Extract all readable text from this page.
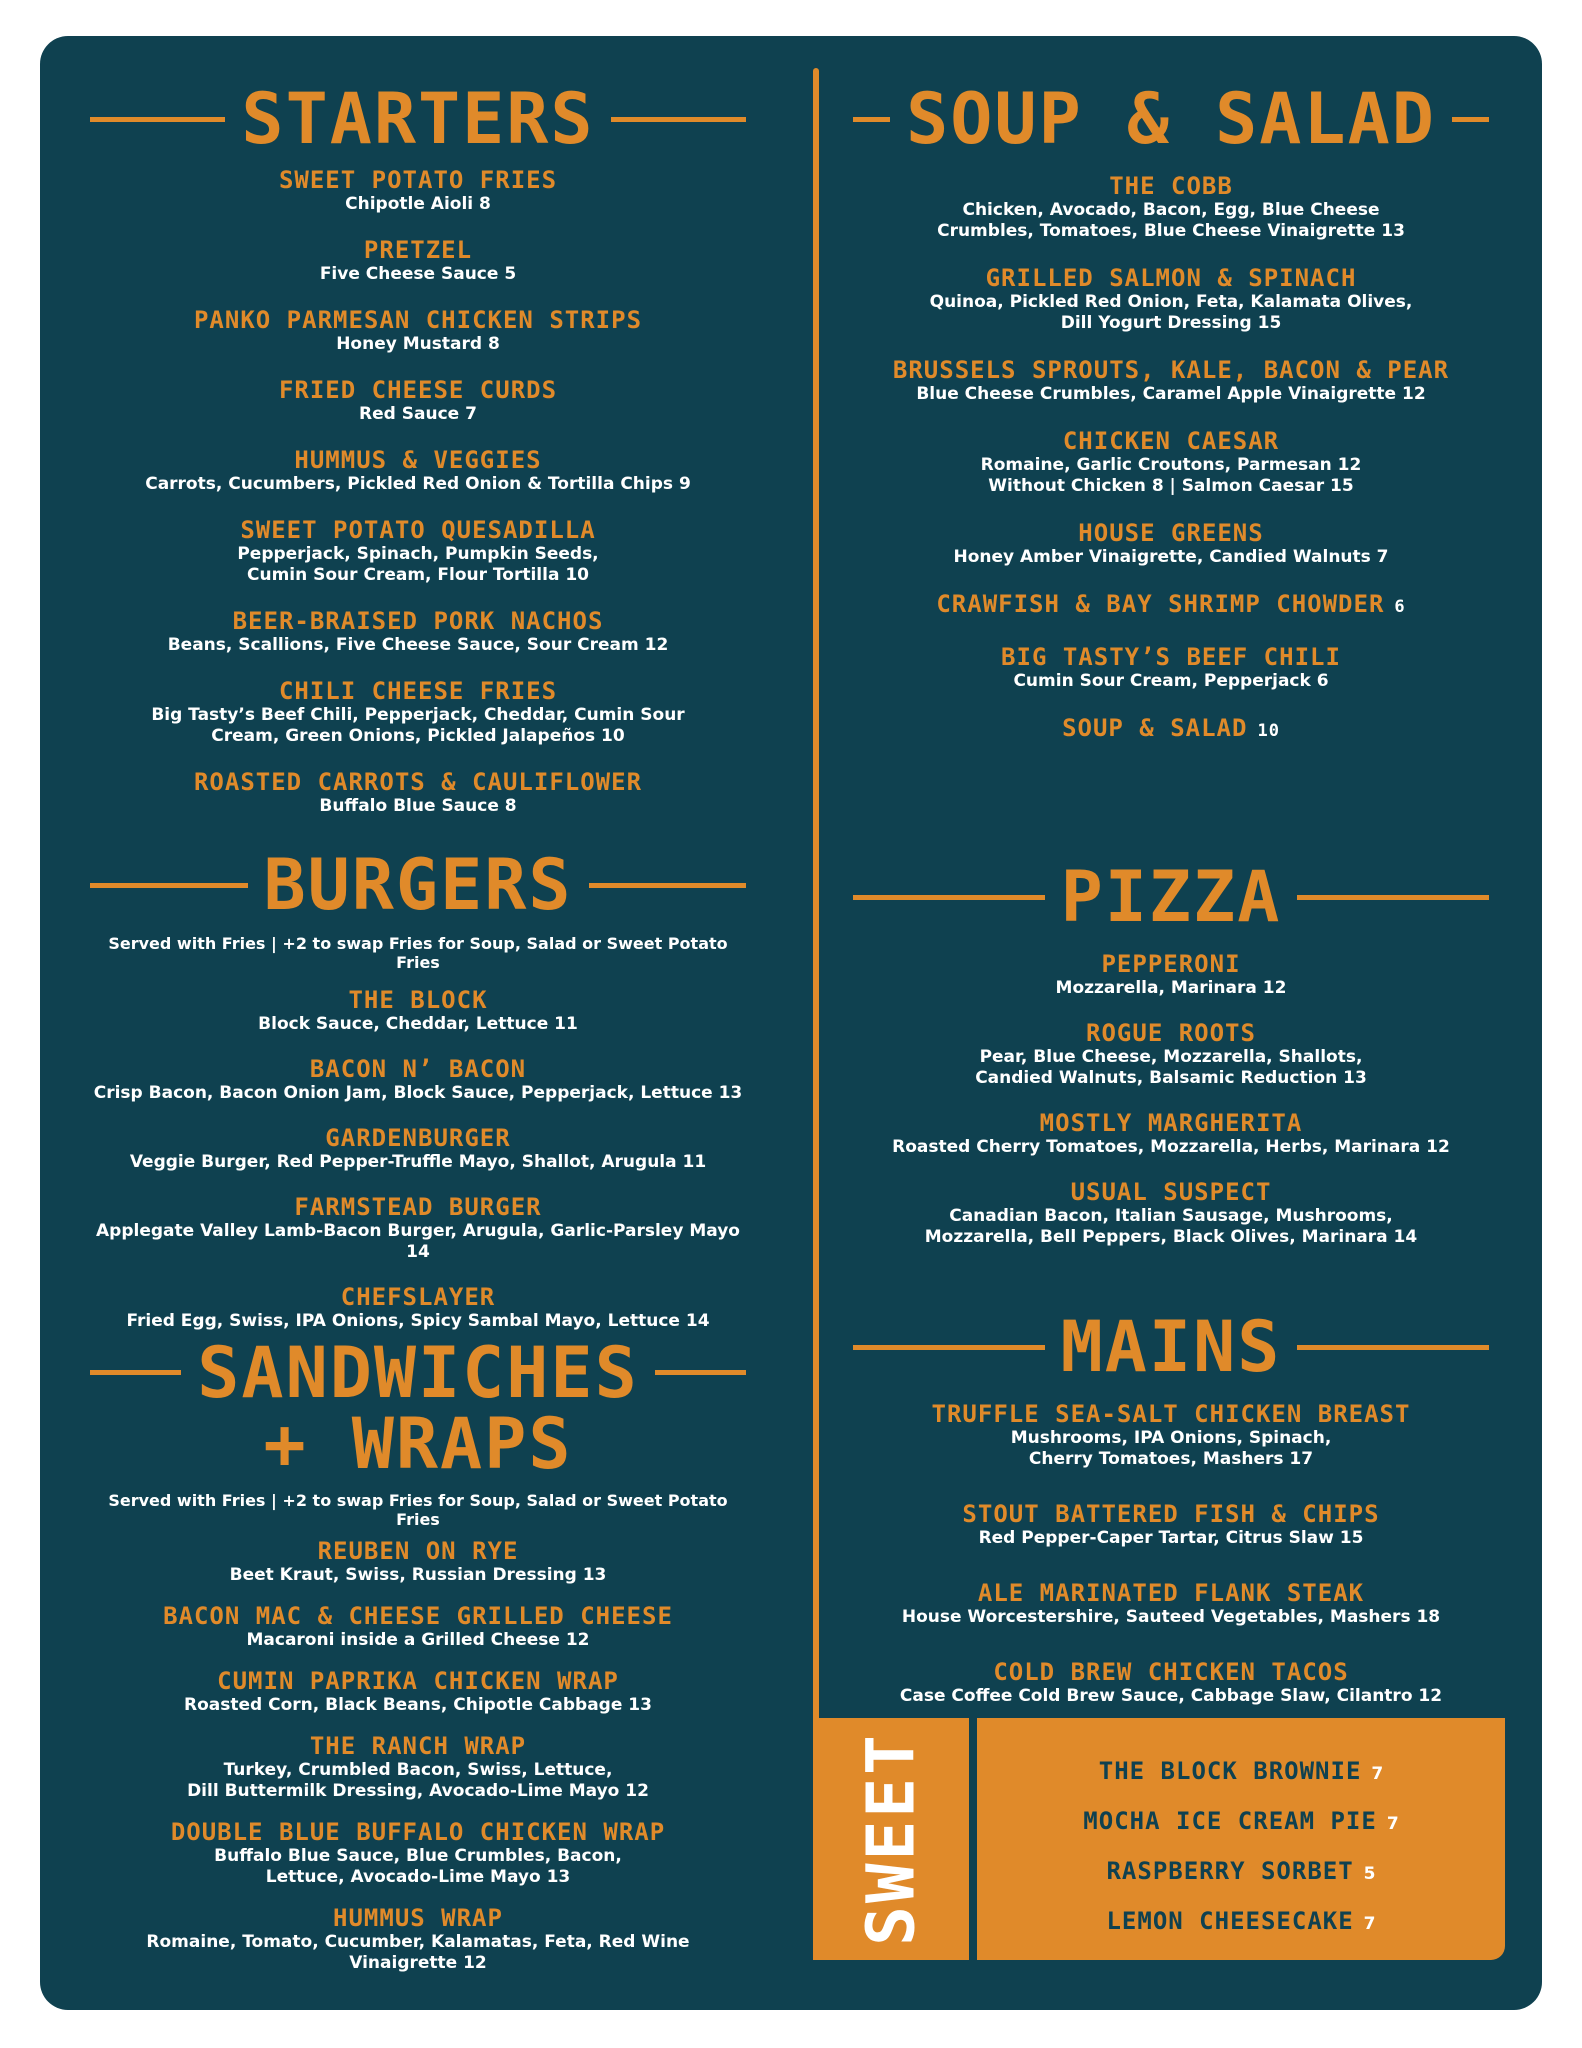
STARTERS
SWEET POTATO FRIES
Chipotle Aioli 8
PRETZEL
Five Cheese Sauce 5
PANKO PARMESAN CHICKEN STRIPS
Honey Mustard 8
FRIED CHEESE CURDS
Red Sauce 7
HUMMUS & VEGGIES
Carrots, Cucumbers, Pickled Red Onion & Tortilla Chips 9
SWEET POTATO QUESADILLA
Pepperjack, Spinach, Pumpkin Seeds,
Cumin Sour Cream, Flour Tortilla 10
BEER-BRAISED PORK NACHOS
Beans, Scallions, Five Cheese Sauce, Sour Cream 12
CHILI CHEESE FRIES
Big Tasty’s Beef Chili, Pepperjack, Cheddar, Cumin Sour
Cream, Green Onions, Pickled Jalapeños 10
ROASTED CARROTS & CAULIFLOWER
Buffalo Blue Sauce 8
BURGERS
Served with Fries | +2 to swap Fries for Soup, Salad or Sweet Potato Fries
THE BLOCK
Block Sauce, Cheddar, Lettuce 11
BACON N’ BACON
Crisp Bacon, Bacon Onion Jam, Block Sauce, Pepperjack, Lettuce 13
GARDENBURGER
Veggie Burger, Red Pepper-Truffle Mayo, Shallot, Arugula 11
FARMSTEAD BURGER
Applegate Valley Lamb-Bacon Burger, Arugula, Garlic-Parsley Mayo 14
CHEFSLAYER
Fried Egg, Swiss, IPA Onions, Spicy Sambal Mayo, Lettuce 14
SANDWICHES
+ WRAPS
Served with Fries | +2 to swap Fries for Soup, Salad or Sweet Potato Fries
REUBEN ON RYE
Beet Kraut, Swiss, Russian Dressing 13
BACON MAC & CHEESE GRILLED CHEESE
Macaroni inside a Grilled Cheese 12
CUMIN PAPRIKA CHICKEN WRAP
Roasted Corn, Black Beans, Chipotle Cabbage 13
THE RANCH WRAP
Turkey, Crumbled Bacon, Swiss, Lettuce,
Dill Buttermilk Dressing, Avocado-Lime Mayo 12
DOUBLE BLUE BUFFALO CHICKEN WRAP
Buffalo Blue Sauce, Blue Crumbles, Bacon,
Lettuce, Avocado-Lime Mayo 13
HUMMUS WRAP
Romaine, Tomato, Cucumber, Kalamatas, Feta, Red Wine Vinaigrette 12
SOUP & SALAD
THE COBB
Chicken, Avocado, Bacon, Egg, Blue Cheese
Crumbles, Tomatoes, Blue Cheese Vinaigrette 13
GRILLED SALMON & SPINACH
Quinoa, Pickled Red Onion, Feta, Kalamata Olives,
Dill Yogurt Dressing 15
BRUSSELS SPROUTS, KALE, BACON & PEAR
Blue Cheese Crumbles, Caramel Apple Vinaigrette 12
CHICKEN CAESAR
Romaine, Garlic Croutons, Parmesan 12
Without Chicken 8 | Salmon Caesar 15
HOUSE GREENS
Honey Amber Vinaigrette, Candied Walnuts 7
CRAWFISH & BAY SHRIMP CHOWDER 6
BIG TASTY’S BEEF CHILI
Cumin Sour Cream, Pepperjack 6
SOUP & SALAD 10
PIZZA
PEPPERONI
Mozzarella, Marinara 12
ROGUE ROOTS
Pear, Blue Cheese, Mozzarella, Shallots,
Candied Walnuts, Balsamic Reduction 13
MOSTLY MARGHERITA
Roasted Cherry Tomatoes, Mozzarella, Herbs, Marinara 12
USUAL SUSPECT
Canadian Bacon, Italian Sausage, Mushrooms,
Mozzarella, Bell Peppers, Black Olives, Marinara 14
MAINS
TRUFFLE SEA-SALT CHICKEN BREAST
Mushrooms, IPA Onions, Spinach,
Cherry Tomatoes, Mashers 17
STOUT BATTERED FISH & CHIPS
Red Pepper-Caper Tartar, Citrus Slaw 15
ALE MARINATED FLANK STEAK
House Worcestershire, Sauteed Vegetables, Mashers 18
COLD BREW CHICKEN TACOS
Case Coffee Cold Brew Sauce, Cabbage Slaw, Cilantro 12
SWEET	THE BLOCK BROWNIE 7
MOCHA ICE CREAM PIE 7
RASPBERRY SORBET 5
LEMON CHEESECAKE 7
